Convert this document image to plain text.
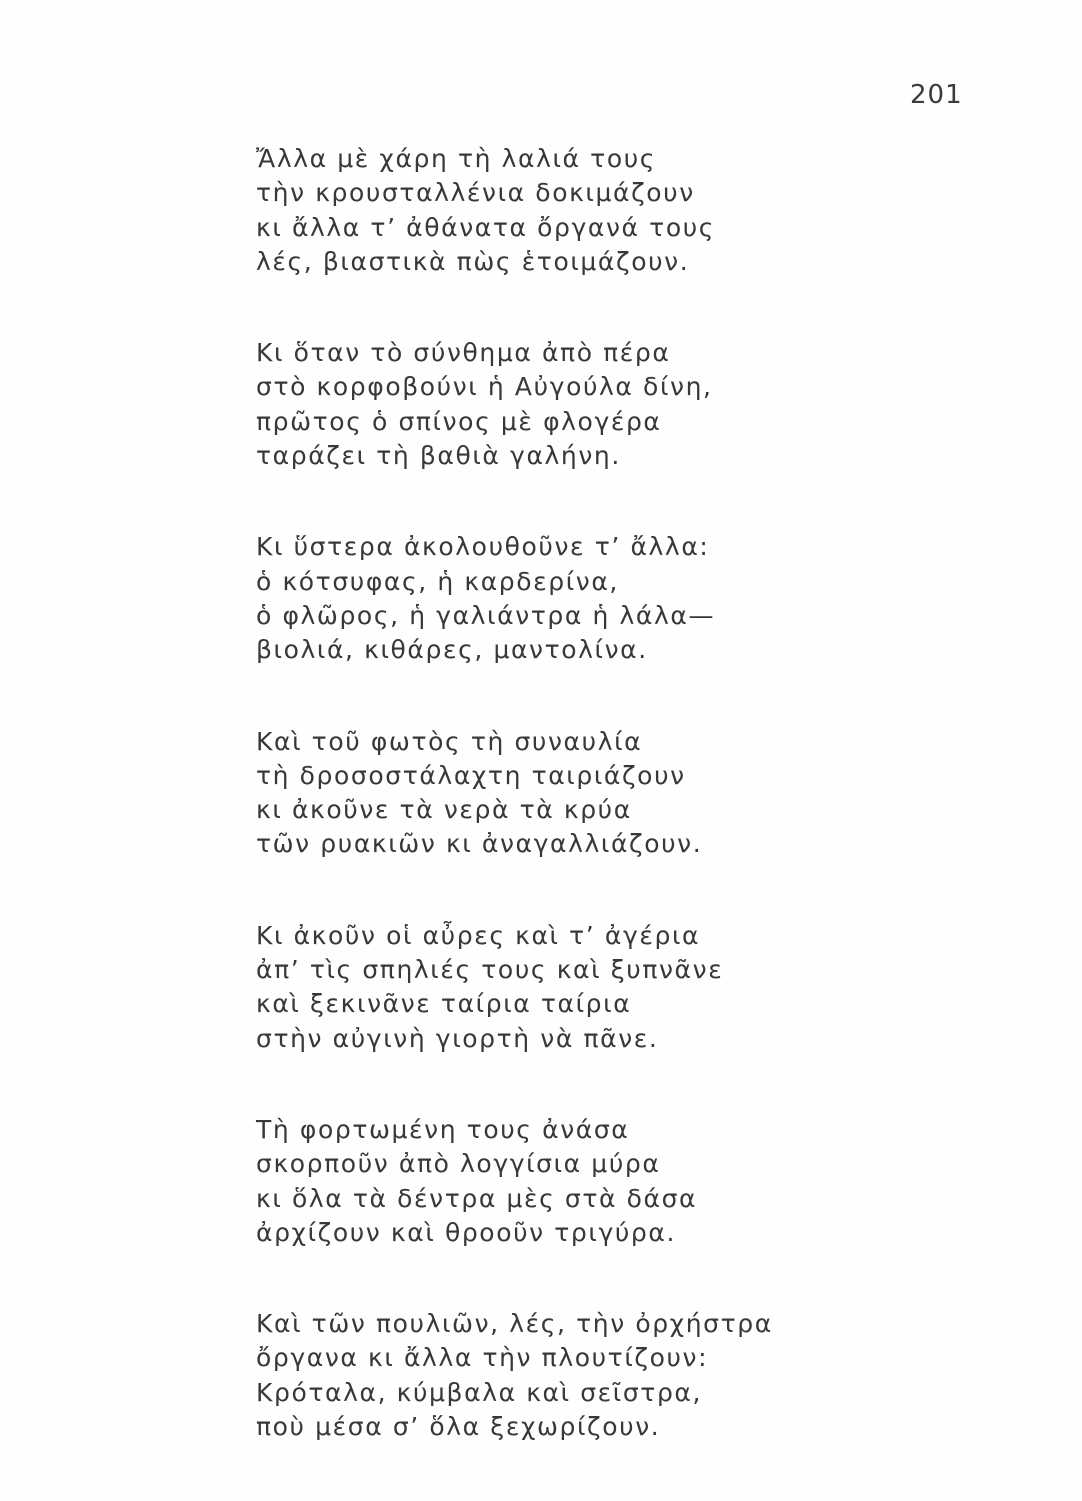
201
Ἄλλα μὲ χάρη τὴ λαλιά τους
τὴν κρουσταλλένια δοκιμάζουν
κι ἄλλα τ’ ἀθάνατα ὄργανά τους
λές, βιαστικὰ πὼς ἑτοιμάζουν.
Κι ὅταν τὸ σύνθημα ἀπὸ πέρα
στὸ κορφοβούνι ἡ Αὐγούλα δίνη,
πρῶτος ὁ σπίνος μὲ φλογέρα
ταράζει τὴ βαθιὰ γαλήνη.
Κι ὕστερα ἀκολουθοῦνε τ’ ἄλλα:
ὁ κότσυφας, ἡ καρδερίνα,
ὁ φλῶρος, ἡ γαλιάντρα ἡ λάλα—
βιολιά, κιθάρες, μαντολίνα.
Καὶ τοῦ φωτὸς τὴ συναυλία
τὴ δροσοστάλαχτη ταιριάζουν
κι ἀκοῦνε τὰ νερὰ τὰ κρύα
τῶν ρυακιῶν κι ἀναγαλλιάζουν.
Κι ἀκοῦν οἱ αὖρες καὶ τ’ ἀγέρια
ἀπ’ τὶς σπηλιές τους καὶ ξυπνᾶνε
καὶ ξεκινᾶνε ταίρια ταίρια
στὴν αὐγινὴ γιορτὴ νὰ πᾶνε.
Τὴ φορτωμένη τους ἀνάσα
σκορποῦν ἀπὸ λογγίσια μύρα
κι ὅλα τὰ δέντρα μὲς στὰ δάσα
ἀρχίζουν καὶ θροοῦν τριγύρα.
Καὶ τῶν πουλιῶν, λές, τὴν ὀρχήστρα
ὄργανα κι ἄλλα τὴν πλουτίζουν:
Κρόταλα, κύμβαλα καὶ σεῖστρα,
ποὺ μέσα σ’ ὅλα ξεχωρίζουν.
